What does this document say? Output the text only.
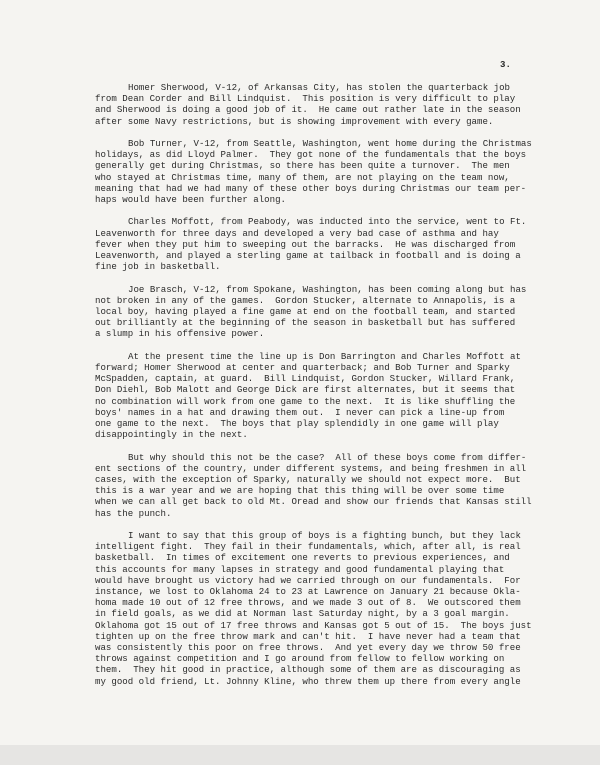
3.
Homer Sherwood, V-12, of Arkansas City, has stolen the quarterback job
from Dean Corder and Bill Lindquist.  This position is very difficult to play
and Sherwood is doing a good job of it.  He came out rather late in the season
after some Navy restrictions, but is showing improvement with every game.
Bob Turner, V-12, from Seattle, Washington, went home during the Christmas
holidays, as did Lloyd Palmer.  They got none of the fundamentals that the boys
generally get during Christmas, so there has been quite a turnover.  The men
who stayed at Christmas time, many of them, are not playing on the team now,
meaning that had we had many of these other boys during Christmas our team per-
haps would have been further along.
Charles Moffott, from Peabody, was inducted into the service, went to Ft.
Leavenworth for three days and developed a very bad case of asthma and hay
fever when they put him to sweeping out the barracks.  He was discharged from
Leavenworth, and played a sterling game at tailback in football and is doing a
fine job in basketball.
Joe Brasch, V-12, from Spokane, Washington, has been coming along but has
not broken in any of the games.  Gordon Stucker, alternate to Annapolis, is a
local boy, having played a fine game at end on the football team, and started
out brilliantly at the beginning of the season in basketball but has suffered
a slump in his offensive power.
At the present time the line up is Don Barrington and Charles Moffott at
forward; Homer Sherwood at center and quarterback; and Bob Turner and Sparky
McSpadden, captain, at guard.  Bill Lindquist, Gordon Stucker, Willard Frank,
Don Diehl, Bob Malott and George Dick are first alternates, but it seems that
no combination will work from one game to the next.  It is like shuffling the
boys' names in a hat and drawing them out.  I never can pick a line-up from
one game to the next.  The boys that play splendidly in one game will play
disappointingly in the next.
But why should this not be the case?  All of these boys come from differ-
ent sections of the country, under different systems, and being freshmen in all
cases, with the exception of Sparky, naturally we should not expect more.  But
this is a war year and we are hoping that this thing will be over some time
when we can all get back to old Mt. Oread and show our friends that Kansas still
has the punch.
I want to say that this group of boys is a fighting bunch, but they lack
intelligent fight.  They fail in their fundamentals, which, after all, is real
basketball.  In times of excitement one reverts to previous experiences, and
this accounts for many lapses in strategy and good fundamental playing that
would have brought us victory had we carried through on our fundamentals.  For
instance, we lost to Oklahoma 24 to 23 at Lawrence on January 21 because Okla-
homa made 10 out of 12 free throws, and we made 3 out of 8.  We outscored them
in field goals, as we did at Norman last Saturday night, by a 3 goal margin.
Oklahoma got 15 out of 17 free throws and Kansas got 5 out of 15.  The boys just
tighten up on the free throw mark and can't hit.  I have never had a team that
was consistently this poor on free throws.  And yet every day we throw 50 free
throws against competition and I go around from fellow to fellow working on
them.  They hit good in practice, although some of them are as discouraging as
my good old friend, Lt. Johnny Kline, who threw them up there from every angle
